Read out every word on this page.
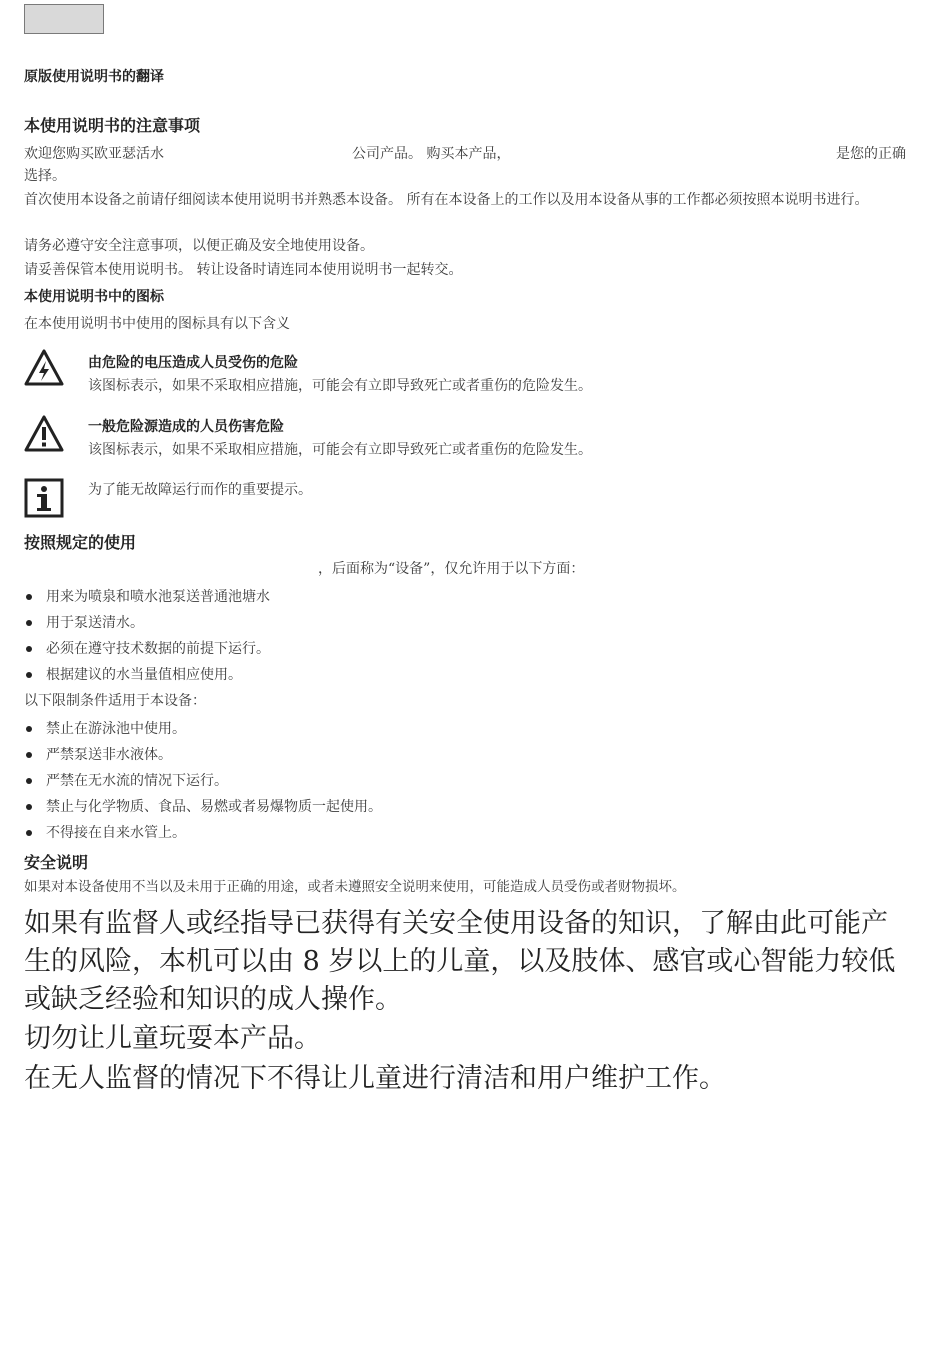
原版使用说明书的翻译
本使用说明书的注意事项
欢迎您购买欧亚瑟活水	公司产品。 购买本产品，	是您的正确
选择。
首次使用本设备之前请仔细阅读本使用说明书并熟悉本设备。 所有在本设备上的工作以及用本设备从事的工作都必须按照本说明书进行。
请务必遵守安全注意事项，以便正确及安全地使用设备。
请妥善保管本使用说明书。 转让设备时请连同本使用说明书一起转交。
本使用说明书中的图标
在本使用说明书中使用的图标具有以下含义
由危险的电压造成人员受伤的危险
该图标表示，如果不采取相应措施，可能会有立即导致死亡或者重伤的危险发生。
一般危险源造成的人员伤害危险
该图标表示，如果不采取相应措施，可能会有立即导致死亡或者重伤的危险发生。
为了能无故障运行而作的重要提示。
按照规定的使用
，后面称为“设备”，仅允许用于以下方面：
用来为喷泉和喷水池泵送普通池塘水
用于泵送清水。
必须在遵守技术数据的前提下运行。
根据建议的水当量值相应使用。
以下限制条件适用于本设备：
禁止在游泳池中使用。
严禁泵送非水液体。
严禁在无水流的情况下运行。
禁止与化学物质、食品、易燃或者易爆物质一起使用。
不得接在自来水管上。
安全说明
如果对本设备使用不当以及未用于正确的用途，或者未遵照安全说明来使用，可能造成人员受伤或者财物损坏。
如果有监督人或经指导已获得有关安全使用设备的知识，了解由此可能产生的风险，本机可以由 8 岁以上的儿童，以及肢体、感官或心智能力较低或缺乏经验和知识的成人操作。
切勿让儿童玩耍本产品。
在无人监督的情况下不得让儿童进行清洁和用户维护工作。
